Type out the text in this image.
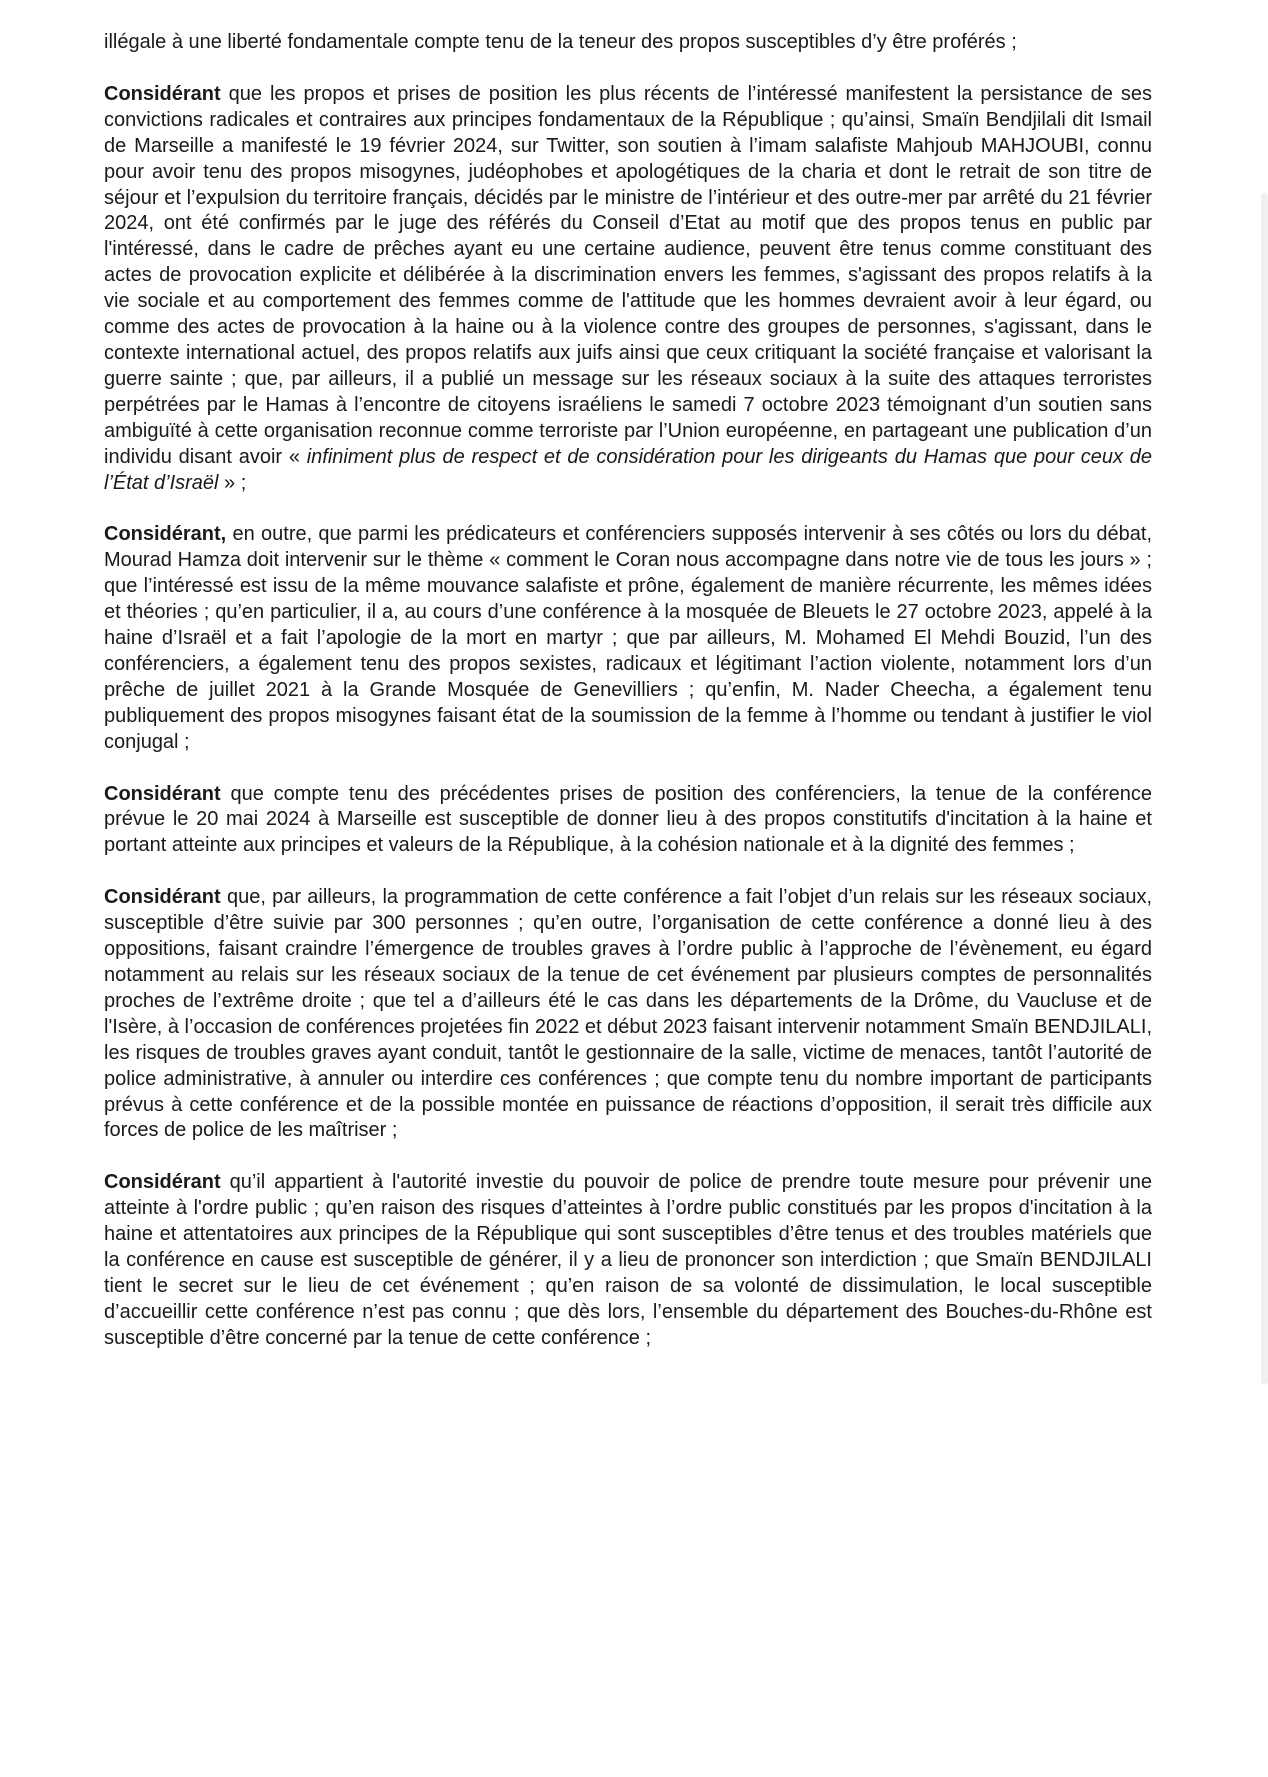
illégale à une liberté fondamentale compte tenu de la teneur des propos susceptibles d’y être proférés ;

Considérant que les propos et prises de position les plus récents de l’intéressé manifestent la persistance de ses convictions radicales et contraires aux principes fondamentaux de la République ; qu’ainsi, Smaïn Bendjilali dit Ismail de Marseille a manifesté le 19 février 2024, sur Twitter, son soutien à l’imam salafiste Mahjoub MAHJOUBI, connu pour avoir tenu des propos misogynes, judéophobes et apologétiques de la charia et dont le retrait de son titre de séjour et l’expulsion du territoire français, décidés par le ministre de l’intérieur et des outre-mer par arrêté du 21 février 2024, ont été confirmés par le juge des référés du Conseil d’Etat au motif que des propos tenus en public par l'intéressé, dans le cadre de prêches ayant eu une certaine audience, peuvent être tenus comme constituant des actes de provocation explicite et délibérée à la discrimination envers les femmes, s'agissant des propos relatifs à la vie sociale et au comportement des femmes comme de l'attitude que les hommes devraient avoir à leur égard, ou comme des actes de provocation à la haine ou à la violence contre des groupes de personnes, s'agissant, dans le contexte international actuel, des propos relatifs aux juifs ainsi que ceux critiquant la société française et valorisant la guerre sainte ; que, par ailleurs, il a publié un message sur les réseaux sociaux à la suite des attaques terroristes perpétrées par le Hamas à l’encontre de citoyens israéliens le samedi 7 octobre 2023 témoignant d’un soutien sans ambiguïté à cette organisation reconnue comme terroriste par l’Union européenne, en partageant une publication d’un individu disant avoir « infiniment plus de respect et de considération pour les dirigeants du Hamas que pour ceux de l’État d’Israël » ;

Considérant, en outre, que parmi les prédicateurs et conférenciers supposés intervenir à ses côtés ou lors du débat, Mourad Hamza doit intervenir sur le thème « comment le Coran nous accompagne dans notre vie de tous les jours » ; que l’intéressé est issu de la même mouvance salafiste et prône, également de manière récurrente, les mêmes idées et théories ; qu’en particulier, il a, au cours d’une conférence à la mosquée de Bleuets le 27 octobre 2023, appelé à la haine d’Israël et a fait l’apologie de la mort en martyr ; que par ailleurs, M. Mohamed El Mehdi Bouzid, l’un des conférenciers, a également tenu des propos sexistes, radicaux et légitimant l’action violente, notamment lors d’un prêche de juillet 2021 à la Grande Mosquée de Genevilliers ; qu’enfin, M. Nader Cheecha, a également tenu publiquement des propos misogynes faisant état de la soumission de la femme à l’homme ou tendant à justifier le viol conjugal ;

Considérant que compte tenu des précédentes prises de position des conférenciers, la tenue de la conférence prévue le 20 mai 2024 à Marseille est susceptible de donner lieu à des propos constitutifs d'incitation à la haine et portant atteinte aux principes et valeurs de la République, à la cohésion nationale et à la dignité des femmes ;

Considérant que, par ailleurs, la programmation de cette conférence a fait l’objet d’un relais sur les réseaux sociaux, susceptible d’être suivie par 300 personnes ; qu’en outre, l’organisation de cette conférence a donné lieu à des oppositions, faisant craindre l’émergence de troubles graves à l’ordre public à l’approche de l’évènement, eu égard notamment au relais sur les réseaux sociaux de la tenue de cet événement par plusieurs comptes de personnalités proches de l’extrême droite ; que tel a d’ailleurs été le cas dans les départements de la Drôme, du Vaucluse et de l'Isère, à l’occasion de conférences projetées fin 2022 et début 2023 faisant intervenir notamment Smaïn BENDJILALI, les risques de troubles graves ayant conduit, tantôt le gestionnaire de la salle, victime de menaces, tantôt l’autorité de police administrative, à annuler ou interdire ces conférences ; que compte tenu du nombre important de participants prévus à cette conférence et de la possible montée en puissance de réactions d’opposition, il serait très difficile aux forces de police de les maîtriser ;

Considérant qu’il appartient à l'autorité investie du pouvoir de police de prendre toute mesure pour prévenir une atteinte à l'ordre public ; qu’en raison des risques d’atteintes à l’ordre public constitués par les propos d'incitation à la haine et attentatoires aux principes de la République qui sont susceptibles d’être tenus et des troubles matériels que la conférence en cause est susceptible de générer, il y a lieu de prononcer son interdiction ; que Smaïn BENDJILALI tient le secret sur le lieu de cet événement ; qu’en raison de sa volonté de dissimulation, le local susceptible d’accueillir cette conférence n’est pas connu ; que dès lors, l’ensemble du département des Bouches-du-Rhône est susceptible d’être concerné par la tenue de cette conférence ;
